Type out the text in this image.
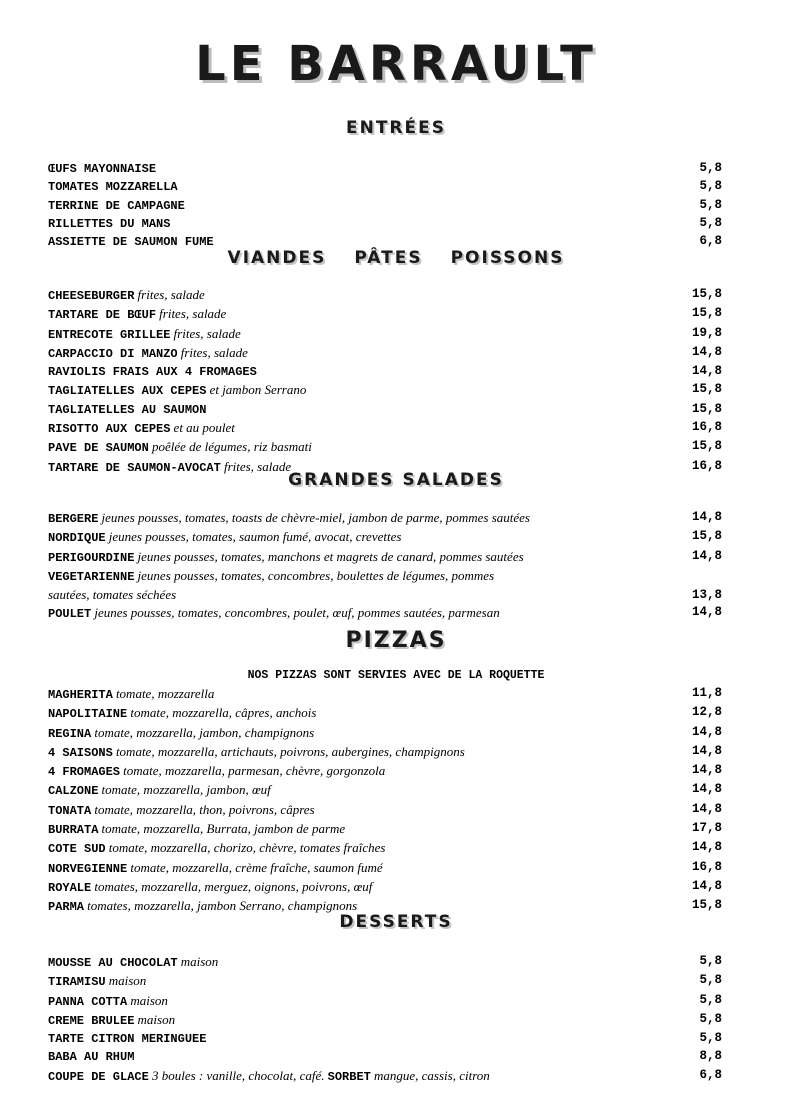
LE BARRAULT
ENTRÉES
ŒUFS MAYONNAISE	5,8
TOMATES MOZZARELLA	5,8
TERRINE DE CAMPAGNE	5,8
RILLETTES DU MANS	5,8
ASSIETTE DE SAUMON FUME	6,8
VIANDES PÂTES POISSONS
CHEESEBURGER frites, salade	15,8
TARTARE DE BŒUF frites, salade	15,8
ENTRECOTE GRILLEE frites, salade	19,8
CARPACCIO DI MANZO frites, salade	14,8
RAVIOLIS FRAIS AUX 4 FROMAGES	14,8
TAGLIATELLES AUX CEPES et jambon Serrano	15,8
TAGLIATELLES AU SAUMON	15,8
RISOTTO AUX CEPES et au poulet	16,8
PAVE DE SAUMON poêlée de légumes, riz basmati	15,8
TARTARE DE SAUMON-AVOCAT frites, salade	16,8
GRANDES SALADES
BERGERE jeunes pousses, tomates, toasts de chèvre-miel, jambon de parme, pommes sautées	14,8
NORDIQUE jeunes pousses, tomates, saumon fumé, avocat, crevettes	15,8
PERIGOURDINE jeunes pousses, tomates, manchons et magrets de canard, pommes sautées	14,8
VEGETARIENNE jeunes pousses, tomates, concombres, boulettes de légumes, pommes
sautées, tomates séchées	13,8
POULET jeunes pousses, tomates, concombres, poulet, œuf, pommes sautées, parmesan	14,8
PIZZAS
NOS PIZZAS SONT SERVIES AVEC DE LA ROQUETTE
MAGHERITA tomate, mozzarella	11,8
NAPOLITAINE tomate, mozzarella, câpres, anchois	12,8
REGINA tomate, mozzarella, jambon, champignons	14,8
4 SAISONS tomate, mozzarella, artichauts, poivrons, aubergines, champignons	14,8
4 FROMAGES tomate, mozzarella, parmesan, chèvre, gorgonzola	14,8
CALZONE tomate, mozzarella, jambon, œuf	14,8
TONATA tomate, mozzarella, thon, poivrons, câpres	14,8
BURRATA tomate, mozzarella, Burrata, jambon de parme	17,8
COTE SUD tomate, mozzarella, chorizo, chèvre, tomates fraîches	14,8
NORVEGIENNE tomate, mozzarella, crème fraîche, saumon fumé	16,8
ROYALE tomates, mozzarella, merguez, oignons, poivrons, œuf	14,8
PARMA tomates, mozzarella, jambon Serrano, champignons	15,8
DESSERTS
MOUSSE AU CHOCOLAT maison	5,8
TIRAMISU maison	5,8
PANNA COTTA maison	5,8
CREME BRULEE maison	5,8
TARTE CITRON MERINGUEE	5,8
BABA AU RHUM	8,8
COUPE DE GLACE 3 boules : vanille, chocolat, café. SORBET mangue, cassis, citron	6,8
